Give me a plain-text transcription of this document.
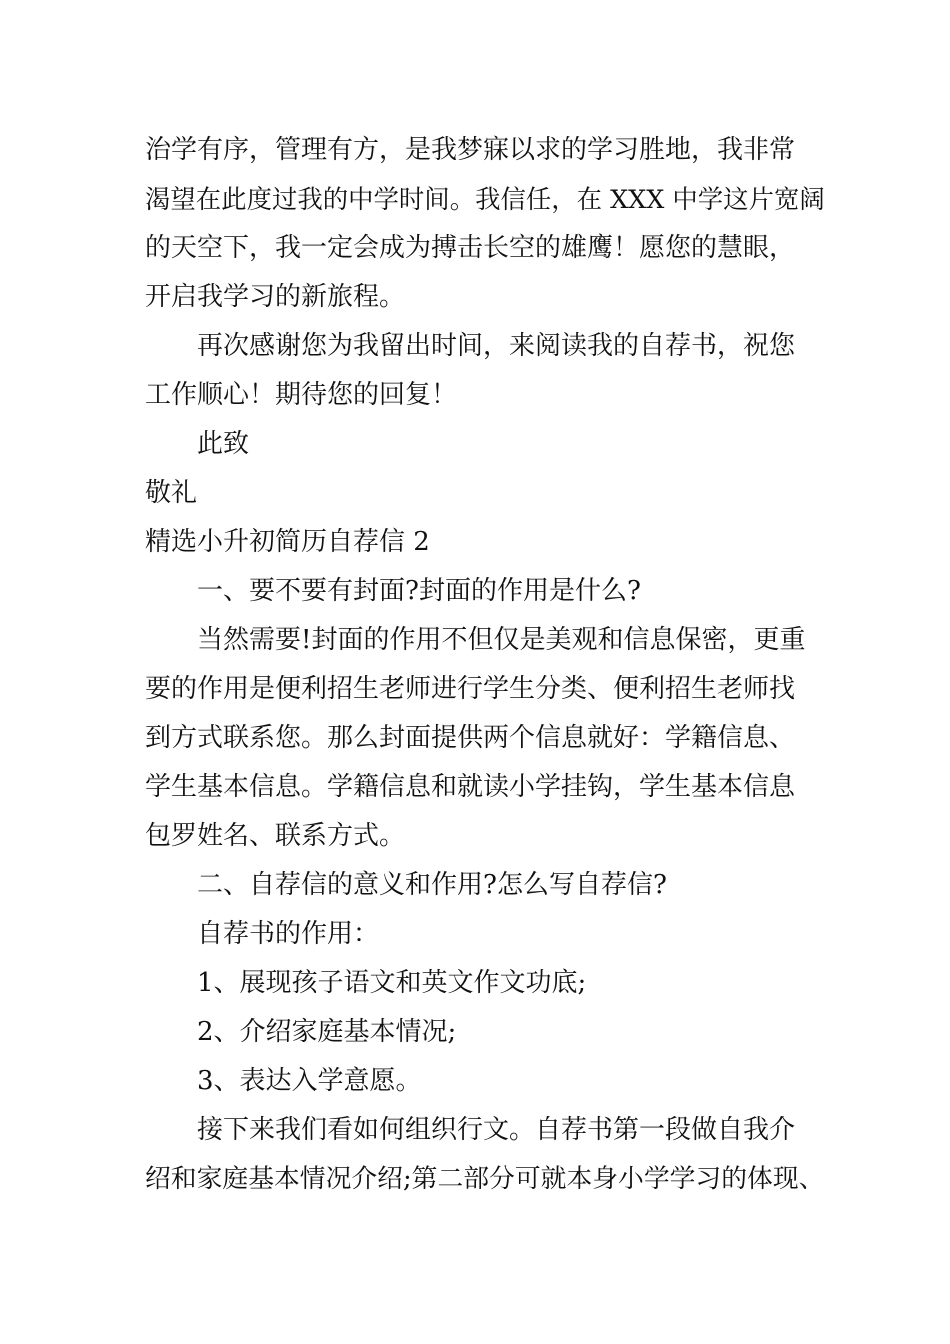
治学有序，管理有方，是我梦寐以求的学习胜地，我非常

渴望在此度过我的中学时间。我信任，在 XXX 中学这片宽阔

的天空下，我一定会成为搏击长空的雄鹰！愿您的慧眼，

开启我学习的新旅程。

再次感谢您为我留出时间，来阅读我的自荐书，祝您

工作顺心！期待您的回复！

此致

敬礼

精选小升初简历自荐信 2

一、要不要有封面?封面的作用是什么?

当然需要!封面的作用不但仅是美观和信息保密，更重

要的作用是便利招生老师进行学生分类、便利招生老师找

到方式联系您。那么封面提供两个信息就好：学籍信息、

学生基本信息。学籍信息和就读小学挂钩，学生基本信息

包罗姓名、联系方式。

二、自荐信的意义和作用?怎么写自荐信?

自荐书的作用：

1、展现孩子语文和英文作文功底;

2、介绍家庭基本情况;

3、表达入学意愿。

接下来我们看如何组织行文。自荐书第一段做自我介

绍和家庭基本情况介绍;第二部分可就本身小学学习的体现、
